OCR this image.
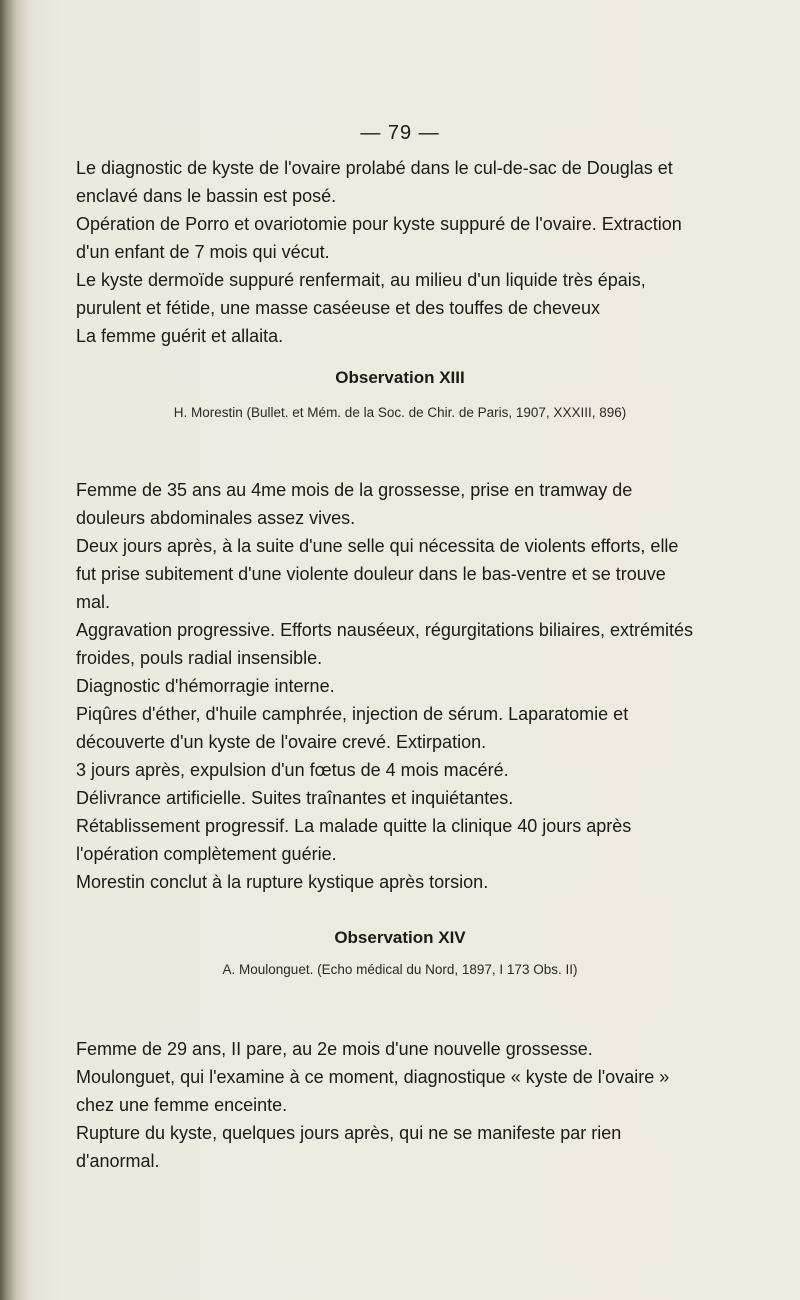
— 79 —

Le diagnostic de kyste de l'ovaire prolabé dans le cul-de-sac de Douglas et enclavé dans le bassin est posé.

Opération de Porro et ovariotomie pour kyste suppuré de l'ovaire. Extraction d'un enfant de 7 mois qui vécut.

Le kyste dermoïde suppuré renfermait, au milieu d'un liquide très épais, purulent et fétide, une masse caséeuse et des touffes de cheveux

La femme guérit et allaita.

Observation XIII
H. Morestin (Bullet. et Mém. de la Soc. de Chir. de Paris, 1907, XXXIII, 896)

Femme de 35 ans au 4me mois de la grossesse, prise en tramway de douleurs abdominales assez vives.

Deux jours après, à la suite d'une selle qui nécessita de violents efforts, elle fut prise subitement d'une violente douleur dans le bas-ventre et se trouve mal.

Aggravation progressive. Efforts nauséeux, régurgitations biliaires, extrémités froides, pouls radial insensible.

Diagnostic d'hémorragie interne.

Piqûres d'éther, d'huile camphrée, injection de sérum. Laparatomie et découverte d'un kyste de l'ovaire crevé. Extirpation.

3 jours après, expulsion d'un fœtus de 4 mois macéré.

Délivrance artificielle. Suites traînantes et inquiétantes.

Rétablissement progressif. La malade quitte la clinique 40 jours après l'opération complètement guérie.

Morestin conclut à la rupture kystique après torsion.

Observation XIV
A. Moulonguet. (Echo médical du Nord, 1897, I 173 Obs. II)

Femme de 29 ans, II pare, au 2e mois d'une nouvelle grossesse.

Moulonguet, qui l'examine à ce moment, diagnostique « kyste de l'ovaire » chez une femme enceinte.

Rupture du kyste, quelques jours après, qui ne se manifeste par rien d'anormal.
